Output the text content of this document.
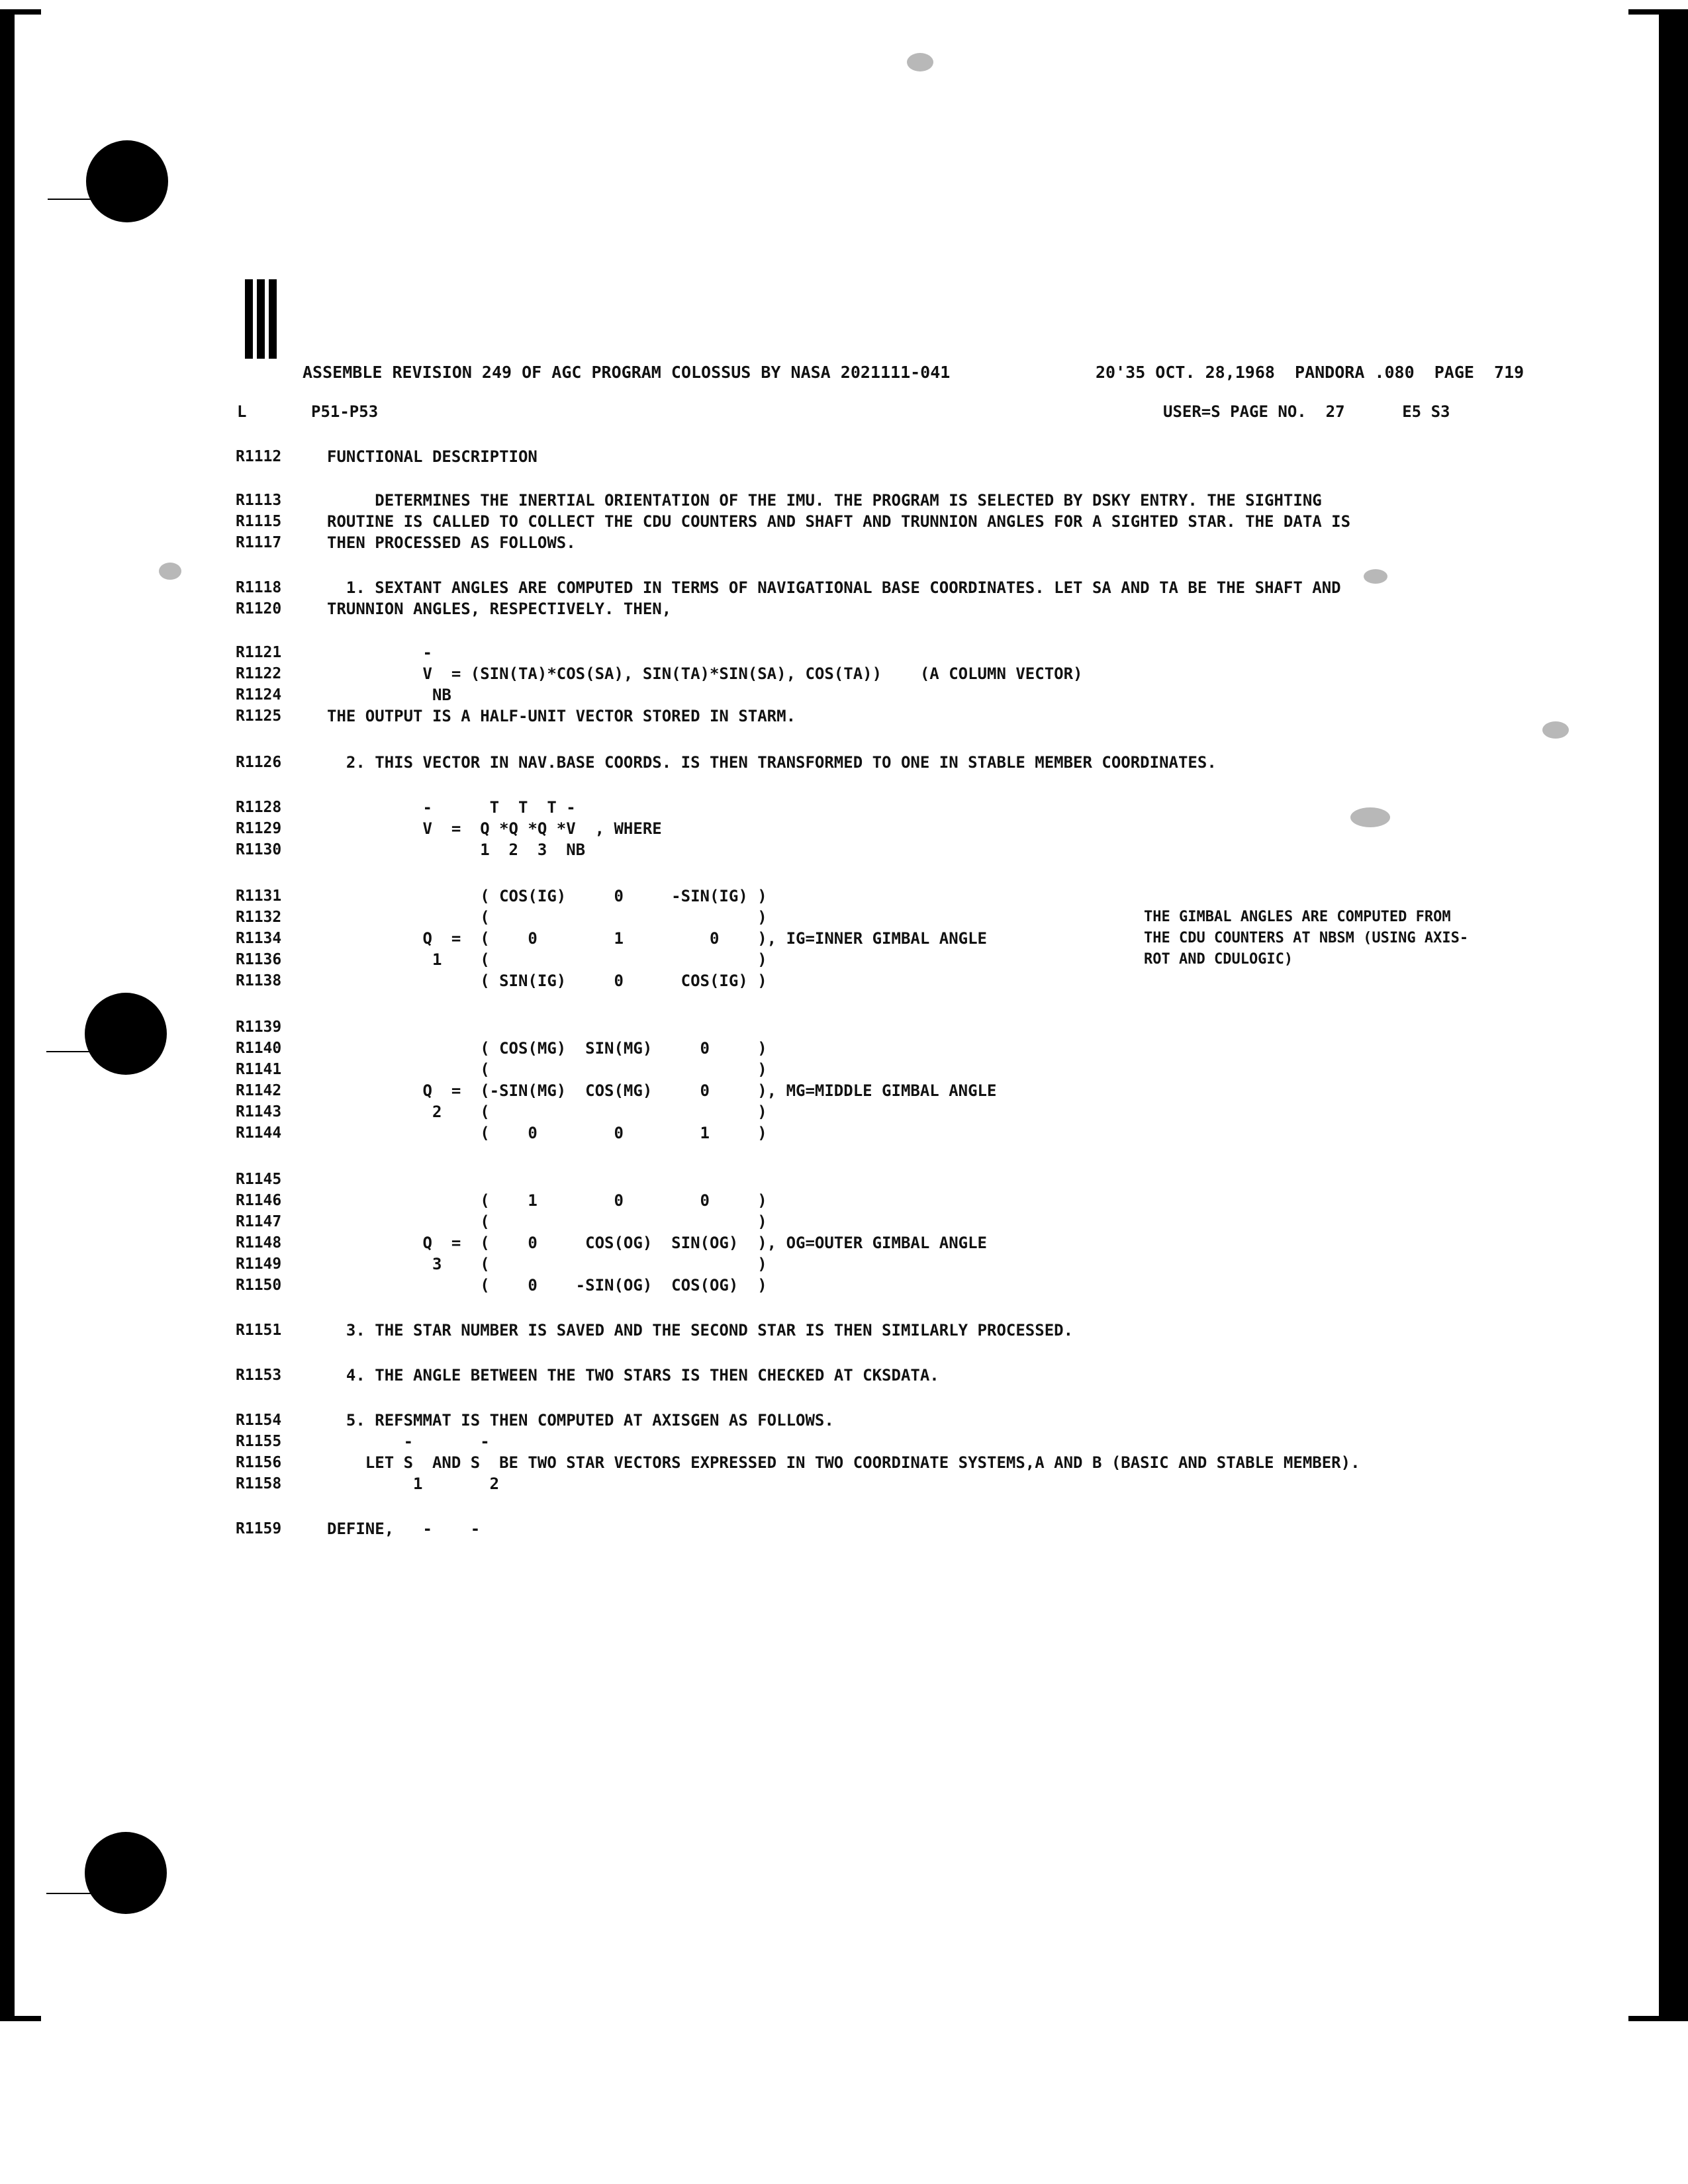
ASSEMBLE REVISION 249 OF AGC PROGRAM COLOSSUS BY NASA 2021111-041	20'35 OCT. 28,1968  PANDORA .080  PAGE  719
L	P51-P53	USER=S PAGE NO.  27      E5 S3
R1112	FUNCTIONAL DESCRIPTION
R1113	DETERMINES THE INERTIAL ORIENTATION OF THE IMU. THE PROGRAM IS SELECTED BY DSKY ENTRY. THE SIGHTING
R1115	ROUTINE IS CALLED TO COLLECT THE CDU COUNTERS AND SHAFT AND TRUNNION ANGLES FOR A SIGHTED STAR. THE DATA IS
R1117	THEN PROCESSED AS FOLLOWS.
R1118	1. SEXTANT ANGLES ARE COMPUTED IN TERMS OF NAVIGATIONAL BASE COORDINATES. LET SA AND TA BE THE SHAFT AND
R1120	TRUNNION ANGLES, RESPECTIVELY. THEN,
R1121	-
R1122	V  = (SIN(TA)*COS(SA), SIN(TA)*SIN(SA), COS(TA))    (A COLUMN VECTOR)
R1124	NB
R1125	THE OUTPUT IS A HALF-UNIT VECTOR STORED IN STARM.
R1126	2. THIS VECTOR IN NAV.BASE COORDS. IS THEN TRANSFORMED TO ONE IN STABLE MEMBER COORDINATES.
R1128	-      T  T  T -
R1129	V  =  Q *Q *Q *V  , WHERE
R1130	1  2  3  NB
R1131	( COS(IG)     0     -SIN(IG) )
R1132	(                            )
R1134	Q  =  (    0        1         0    ), IG=INNER GIMBAL ANGLE
R1136	1    (                            )
R1138	( SIN(IG)     0      COS(IG) )
R1139
R1140	( COS(MG)  SIN(MG)     0     )
R1141	(                            )
R1142	Q  =  (-SIN(MG)  COS(MG)     0     ), MG=MIDDLE GIMBAL ANGLE
R1143	2    (                            )
R1144	(    0        0        1     )
R1145
R1146	(    1        0        0     )
R1147	(                            )
R1148	Q  =  (    0     COS(OG)  SIN(OG)  ), OG=OUTER GIMBAL ANGLE
R1149	3    (                            )
R1150	(    0    -SIN(OG)  COS(OG)  )
R1151	3. THE STAR NUMBER IS SAVED AND THE SECOND STAR IS THEN SIMILARLY PROCESSED.
R1153	4. THE ANGLE BETWEEN THE TWO STARS IS THEN CHECKED AT CKSDATA.
R1154	5. REFSMMAT IS THEN COMPUTED AT AXISGEN AS FOLLOWS.
R1155	-       -
R1156	LET S  AND S  BE TWO STAR VECTORS EXPRESSED IN TWO COORDINATE SYSTEMS,A AND B (BASIC AND STABLE MEMBER).
R1158	1       2
R1159	DEFINE,   -    -
THE GIMBAL ANGLES ARE COMPUTED FROM
THE CDU COUNTERS AT NBSM (USING AXIS-
ROT AND CDULOGIC)
